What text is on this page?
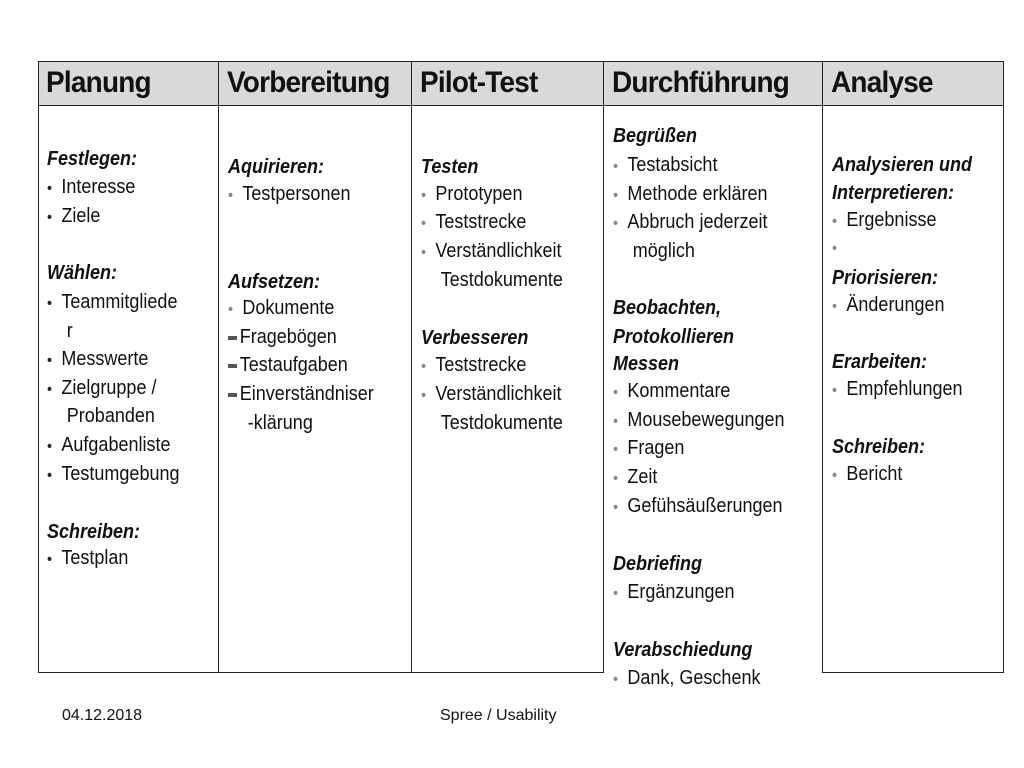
Planung
Festlegen:
• Interesse
• Ziele
Wählen:
• Teammitgliede
r
• Messwerte
• Zielgruppe /
Probanden
• Aufgabenliste
• Testumgebung
Schreiben:
• Testplan
Vorbereitung
Aquirieren:
• Testpersonen
Aufsetzen:
• Dokumente
Fragebögen
Testaufgaben
Einverständniser
-klärung
Pilot-Test
Testen
• Prototypen
• Teststrecke
• Verständlichkeit
Testdokumente
Verbesseren
• Teststrecke
• Verständlichkeit
Testdokumente
Durchführung
Begrüßen
• Testabsicht
• Methode erklären
• Abbruch jederzeit
möglich
Beobachten,
Protokollieren
Messen
• Kommentare
• Mousebewegungen
• Fragen
• Zeit
• Gefühsäußerungen
Debriefing
• Ergänzungen
Verabschiedung
• Dank, Geschenk
Analyse
Analysieren und
Interpretieren:
• Ergebnisse
•
Priorisieren:
• Änderungen
Erarbeiten:
• Empfehlungen
Schreiben:
• Bericht
04.12.2018	Spree / Usability
